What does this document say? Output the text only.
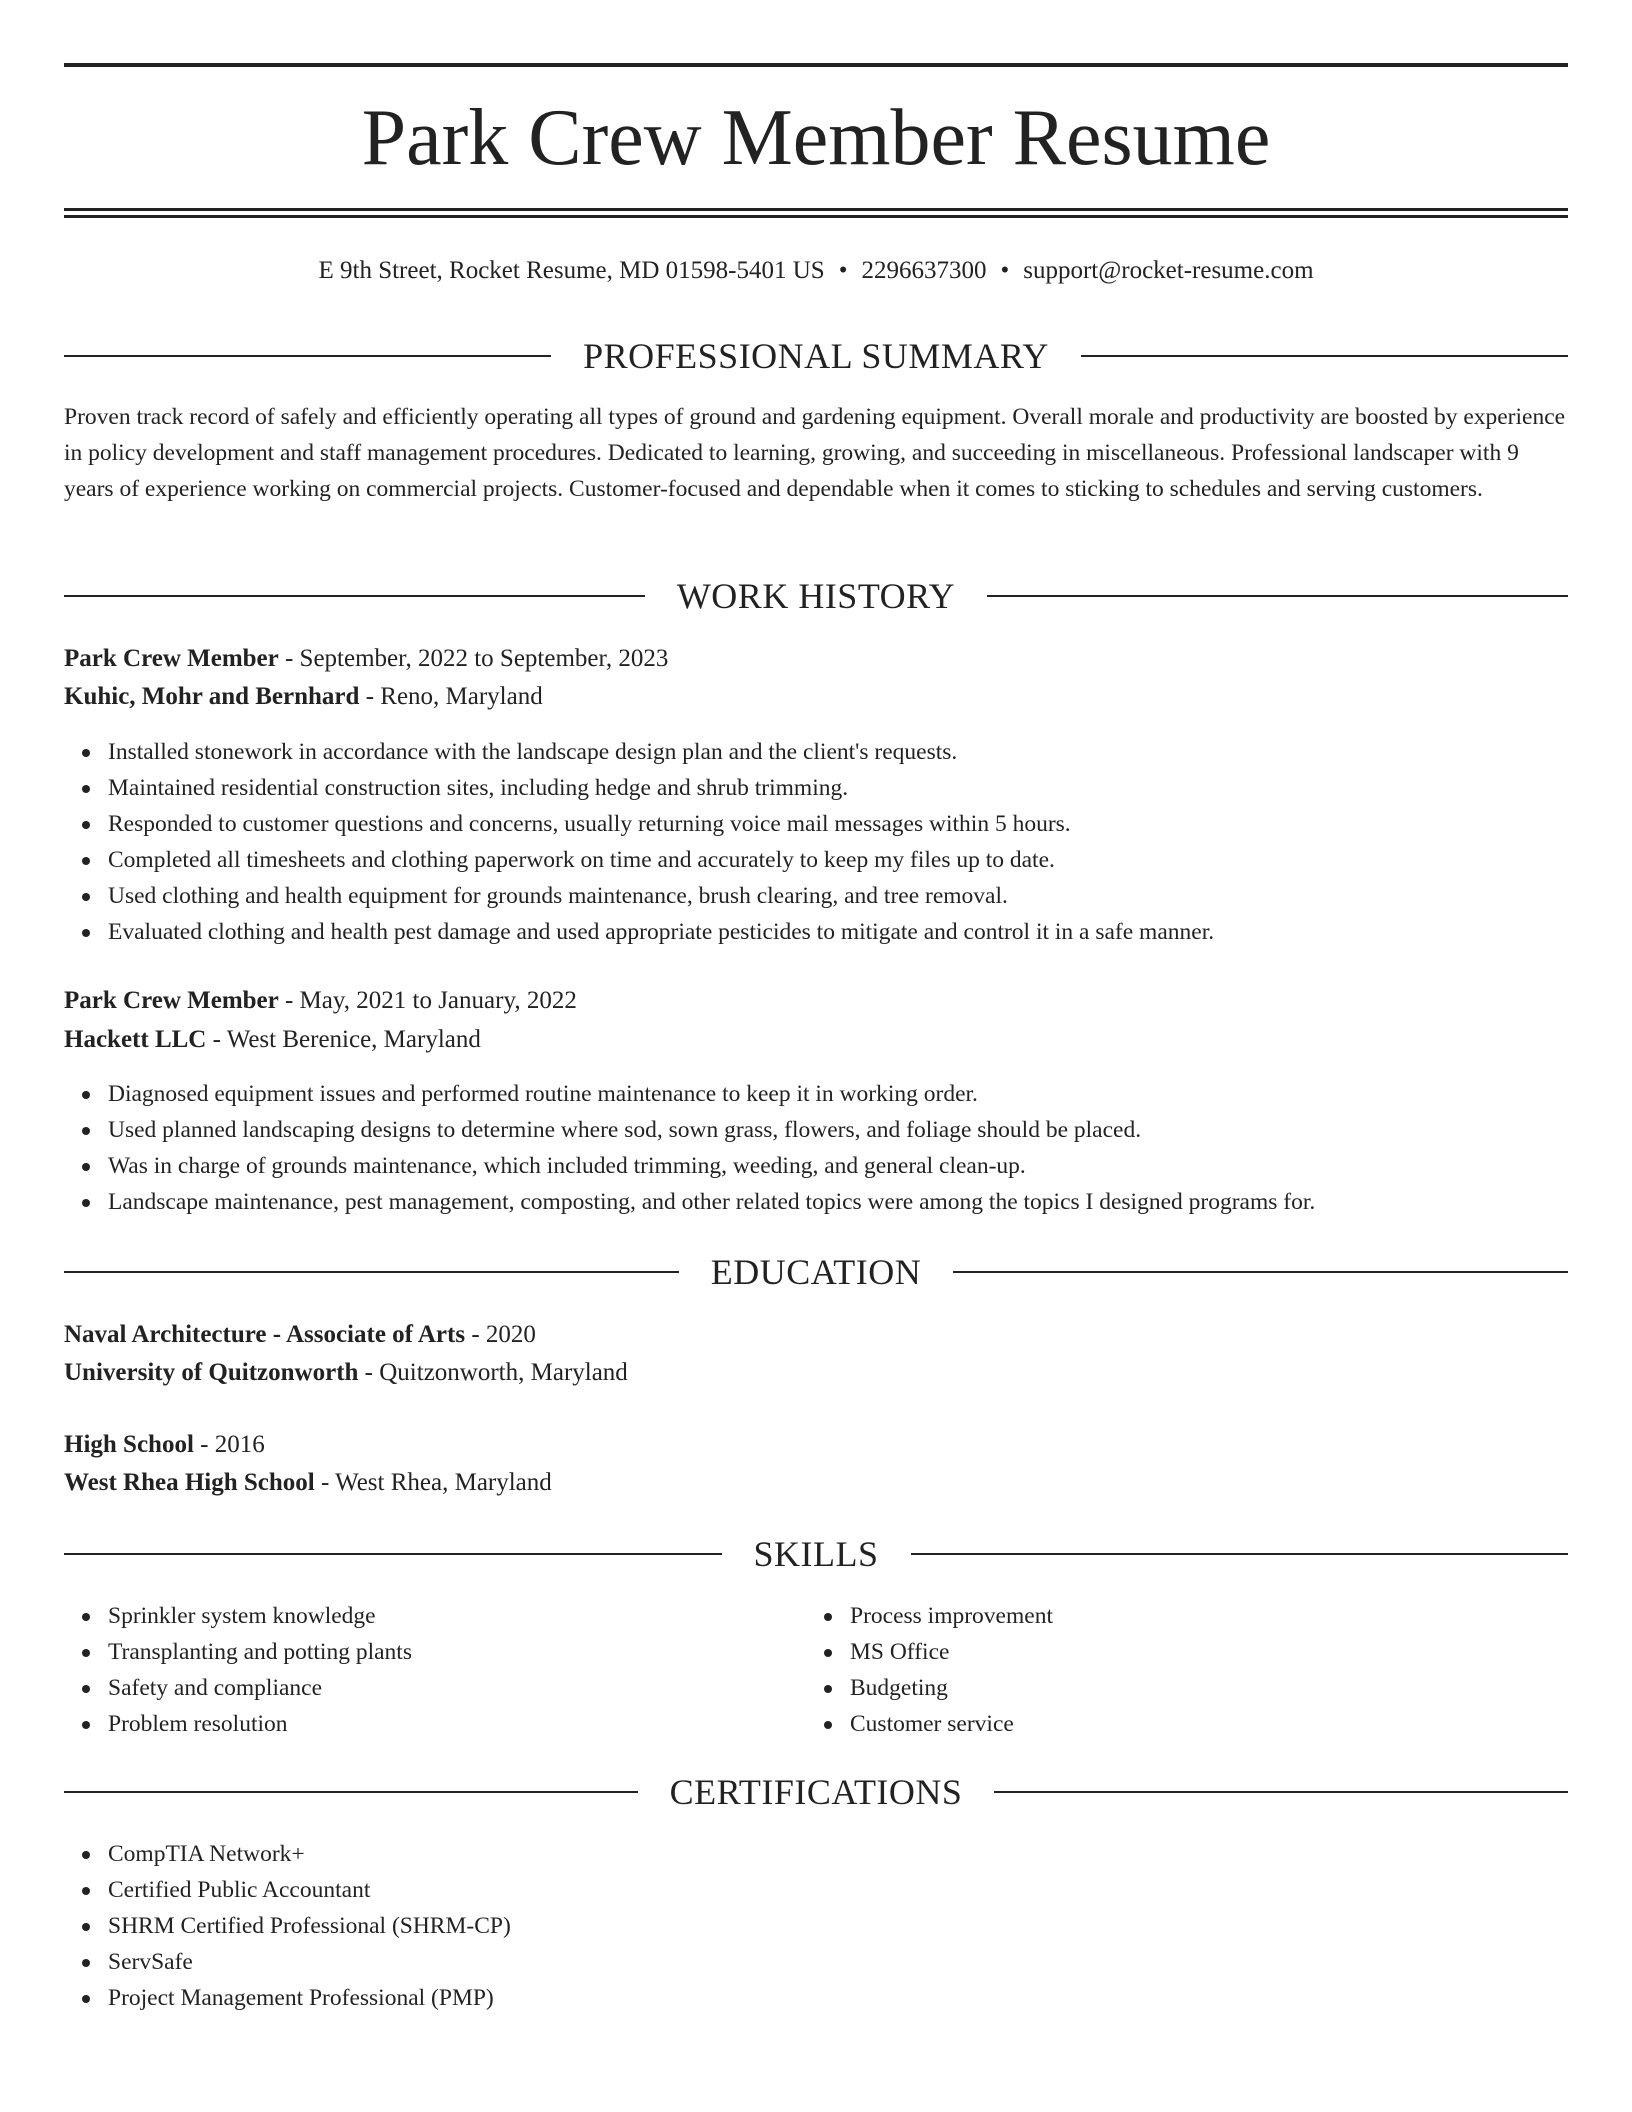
Park Crew Member Resume
E 9th Street, Rocket Resume, MD 01598-5401 US • 2296637300 • support@rocket-resume.com
PROFESSIONAL SUMMARY
Proven track record of safely and efficiently operating all types of ground and gardening equipment. Overall morale and productivity are boosted by experience in policy development and staff management procedures. Dedicated to learning, growing, and succeeding in miscellaneous. Professional landscaper with 9 years of experience working on commercial projects. Customer-focused and dependable when it comes to sticking to schedules and serving customers.
WORK HISTORY
Park Crew Member - September, 2022 to September, 2023
Kuhic, Mohr and Bernhard - Reno, Maryland
Installed stonework in accordance with the landscape design plan and the client's requests.
Maintained residential construction sites, including hedge and shrub trimming.
Responded to customer questions and concerns, usually returning voice mail messages within 5 hours.
Completed all timesheets and clothing paperwork on time and accurately to keep my files up to date.
Used clothing and health equipment for grounds maintenance, brush clearing, and tree removal.
Evaluated clothing and health pest damage and used appropriate pesticides to mitigate and control it in a safe manner.
Park Crew Member - May, 2021 to January, 2022
Hackett LLC - West Berenice, Maryland
Diagnosed equipment issues and performed routine maintenance to keep it in working order.
Used planned landscaping designs to determine where sod, sown grass, flowers, and foliage should be placed.
Was in charge of grounds maintenance, which included trimming, weeding, and general clean-up.
Landscape maintenance, pest management, composting, and other related topics were among the topics I designed programs for.
EDUCATION
Naval Architecture - Associate of Arts - 2020
University of Quitzonworth - Quitzonworth, Maryland
High School - 2016
West Rhea High School - West Rhea, Maryland
SKILLS
Sprinkler system knowledge
Transplanting and potting plants
Safety and compliance
Problem resolution
Process improvement
MS Office
Budgeting
Customer service
CERTIFICATIONS
CompTIA Network+
Certified Public Accountant
SHRM Certified Professional (SHRM-CP)
ServSafe
Project Management Professional (PMP)
